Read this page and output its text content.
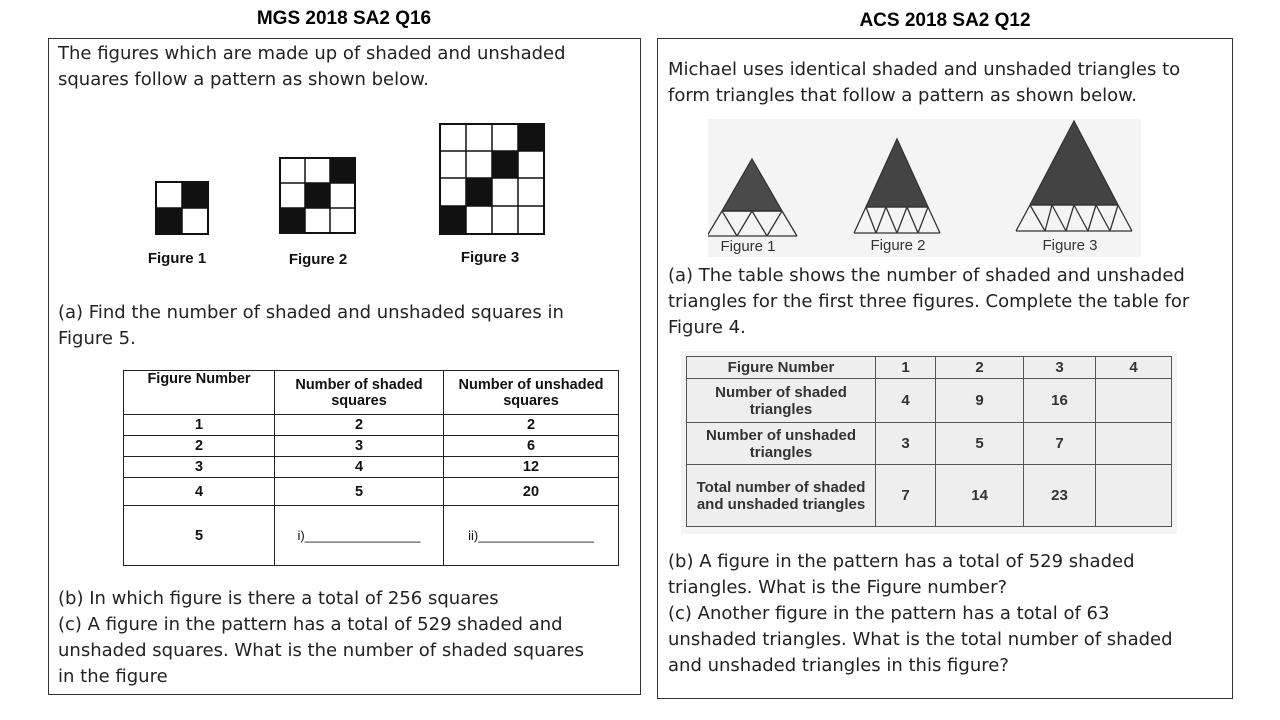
MGS 2018 SA2 Q16
The figures which are made up of shaded and unshaded
squares follow a pattern as shown below.
Figure 1	Figure 2	Figure 3
(a) Find the number of shaded and unshaded squares in
Figure 5.
Figure Number	Number of shaded squares	Number of unshaded squares
1	2	2
2	3	6
3	4	12
4	5	20
5	i)________________	ii)________________
(b) In which figure is there a total of 256 squares
(c) A figure in the pattern has a total of 529 shaded and
unshaded squares. What is the number of shaded squares
in the figure
ACS 2018 SA2 Q12
Michael uses identical shaded and unshaded triangles to
form triangles that follow a pattern as shown below.
Figure 1	Figure 2	Figure 3
(a) The table shows the number of shaded and unshaded
triangles for the first three figures. Complete the table for
Figure 4.
Figure Number	1	2	3	4
Number of shaded triangles	4	9	16	
Number of unshaded triangles	3	5	7	
Total number of shaded and unshaded triangles	7	14	23	
(b) A figure in the pattern has a total of 529 shaded
triangles. What is the Figure number?
(c) Another figure in the pattern has a total of 63
unshaded triangles. What is the total number of shaded
and unshaded triangles in this figure?
